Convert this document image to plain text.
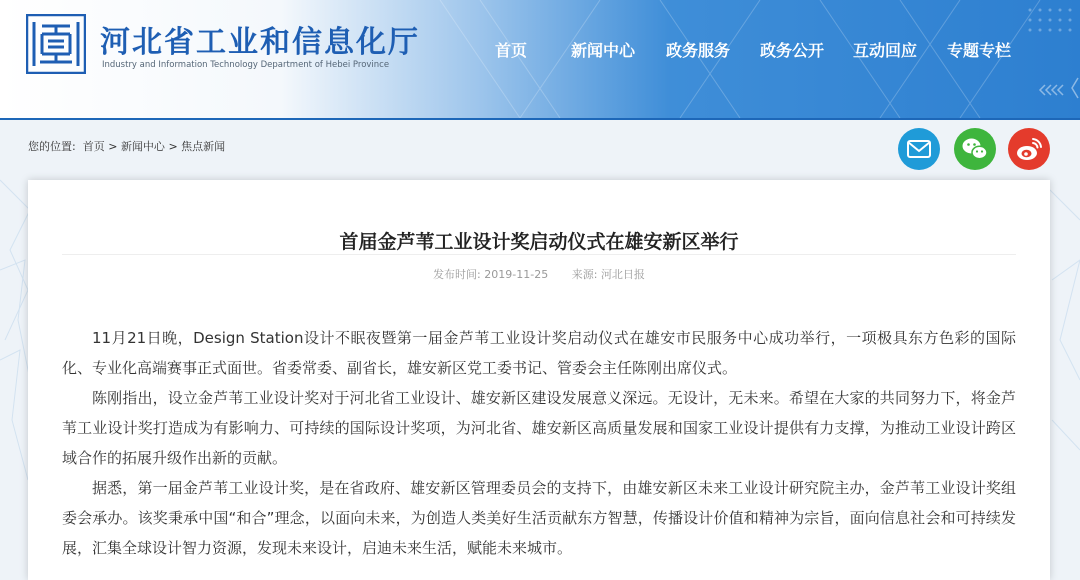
河北省工业和信息化厅
Industry and Information Technology Department of Hebei Province
首页	新闻中心 政务服务 政务公开 互动回应 专题专栏
您的位置: 首页 > 新闻中心 > 焦点新闻
首届金芦苇工业设计奖启动仪式在雄安新区举行
发布时间: 2019-11-25 来源: 河北日报

11月21日晚，Design Station设计不眠夜暨第一届金芦苇工业设计奖启动仪式在雄安市民服务中心成功举行，一项极具东方色彩的国际化、专业化高端赛事正式面世。省委常委、副省长，雄安新区党工委书记、管委会主任陈刚出席仪式。

陈刚指出，设立金芦苇工业设计奖对于河北省工业设计、雄安新区建设发展意义深远。无设计，无未来。希望在大家的共同努力下，将金芦苇工业设计奖打造成为有影响力、可持续的国际设计奖项，为河北省、雄安新区高质量发展和国家工业设计提供有力支撑，为推动工业设计跨区域合作的拓展升级作出新的贡献。

据悉，第一届金芦苇工业设计奖，是在省政府、雄安新区管理委员会的支持下，由雄安新区未来工业设计研究院主办，金芦苇工业设计奖组委会承办。该奖秉承中国“和合”理念，以面向未来，为创造人类美好生活贡献东方智慧，传播设计价值和精神为宗旨，面向信息社会和可持续发展，汇集全球设计智力资源，发现未来设计，启迪未来生活，赋能未来城市。
